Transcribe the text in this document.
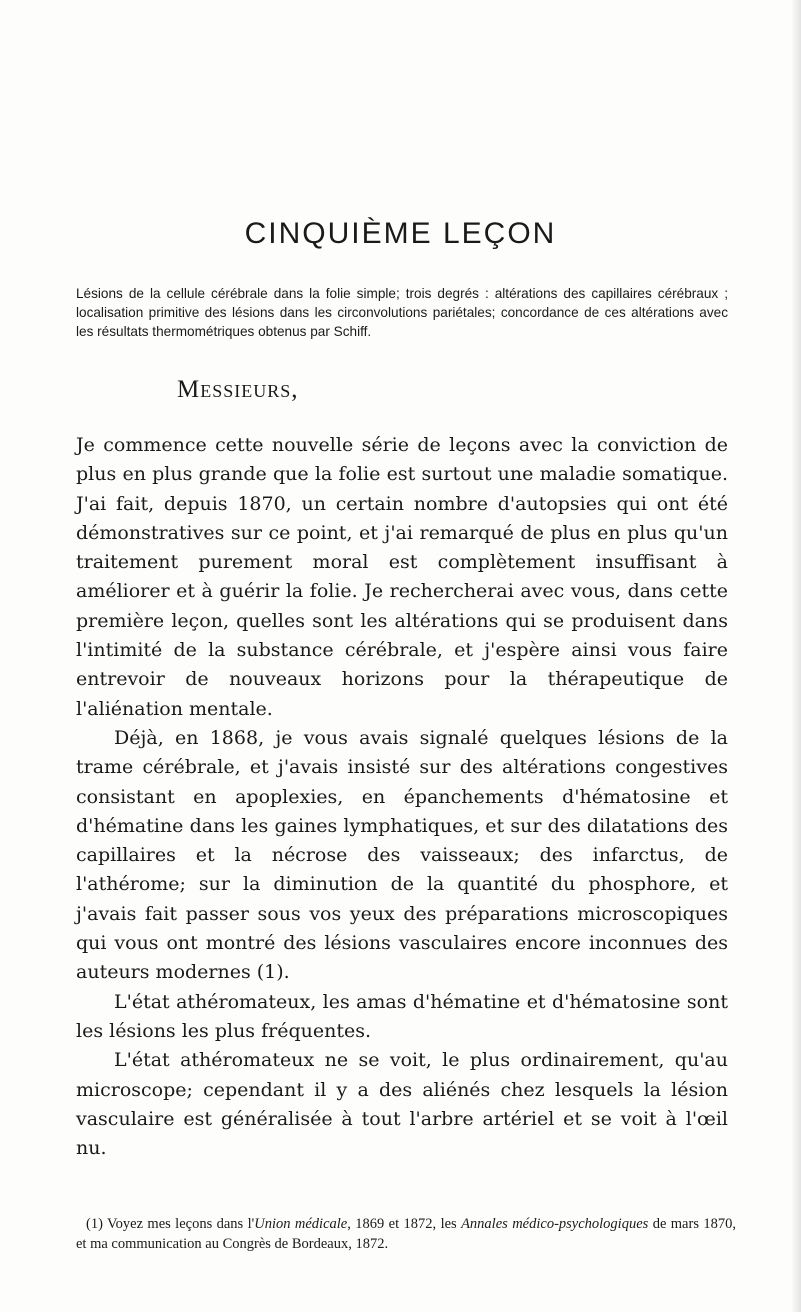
CINQUIÈME LEÇON

Lésions de la cellule cérébrale dans la folie simple; trois degrés : altérations des capillaires cérébraux ; localisation primitive des lésions dans les circonvolutions pariétales; concordance de ces altérations avec les résultats thermométriques obtenus par Schiff.

Messieurs,

Je commence cette nouvelle série de leçons avec la conviction de plus en plus grande que la folie est surtout une maladie somatique. J'ai fait, depuis 1870, un certain nombre d'autopsies qui ont été démonstratives sur ce point, et j'ai remarqué de plus en plus qu'un traitement purement moral est complètement insuffisant à améliorer et à guérir la folie. Je rechercherai avec vous, dans cette première leçon, quelles sont les altérations qui se produisent dans l'intimité de la substance cérébrale, et j'espère ainsi vous faire entrevoir de nouveaux horizons pour la thérapeutique de l'aliénation mentale.

Déjà, en 1868, je vous avais signalé quelques lésions de la trame cérébrale, et j'avais insisté sur des altérations congestives consistant en apoplexies, en épanchements d'hématosine et d'hématine dans les gaines lymphatiques, et sur des dilatations des capillaires et la nécrose des vaisseaux; des infarctus, de l'athérome; sur la diminution de la quantité du phosphore, et j'avais fait passer sous vos yeux des préparations microscopiques qui vous ont montré des lésions vasculaires encore inconnues des auteurs modernes (1).

L'état athéromateux, les amas d'hématine et d'hématosine sont les lésions les plus fréquentes.

L'état athéromateux ne se voit, le plus ordinairement, qu'au microscope; cependant il y a des aliénés chez lesquels la lésion vasculaire est généralisée à tout l'arbre artériel et se voit à l'œil nu.

(1) Voyez mes leçons dans l'Union médicale, 1869 et 1872, les Annales médico-psychologiques de mars 1870, et ma communication au Congrès de Bordeaux, 1872.
